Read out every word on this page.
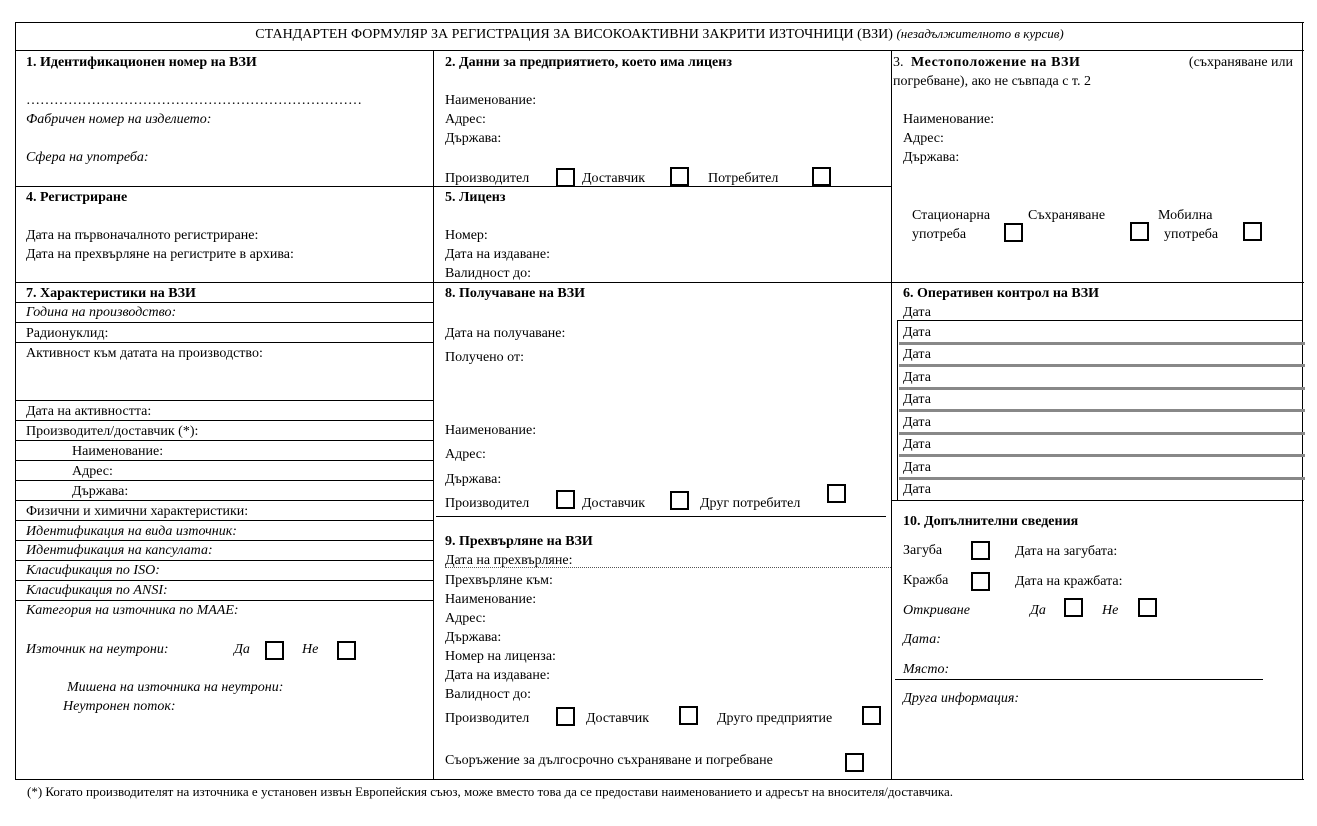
СТАНДАРТЕН ФОРМУЛЯР ЗА РЕГИСТРАЦИЯ ЗА ВИСОКОАКТИВНИ ЗАКРИТИ ИЗТОЧНИЦИ (ВЗИ) (незадължителното в курсив)
1. Идентификационен номер на ВЗИ
………………………………………………………………
Фабричен номер на изделието:
Сфера на употреба:
2. Данни за предприятието, което има лиценз
Наименование:
Адрес:
Държава:
Производител	Доставчик	Потребител
3. Местоположение на ВЗИ	(съхраняване или
погребване), ако не съвпада с т. 2
Наименование:
Адрес:
Държава:
Стационарна
употреба
Съхраняване	Мобилна
употреба
4. Регистриране
Дата на първоначалното регистриране:
Дата на прехвърляне на регистрите в архива:
5. Лиценз
Номер:
Дата на издаване:
Валидност до:
7. Характеристики на ВЗИ
Година на производство:
Радионуклид:
Активност към датата на производство:
Дата на активността:
Производител/доставчик (*):
Наименование:
Адрес:
Държава:
Физични и химични характеристики:
Идентификация на вида източник:
Идентификация на капсулата:
Класификация по ISO:
Класификация по ANSI:
Категория на източника по МААЕ:
Източник на неутрони:	Да	Не
Мишена на източника на неутрони:
Неутронен поток:
8. Получаване на ВЗИ
Дата на получаване:
Получено от:
Наименование:
Адрес:
Държава:
Производител	Доставчик	Друг потребител
9. Прехвърляне на ВЗИ
Дата на прехвърляне:
Прехвърляне към:
Наименование:
Адрес:
Държава:
Номер на лиценза:
Дата на издаване:
Валидност до:
Производител	Доставчик	Друго предприятие
Съоръжение за дългосрочно съхраняване и погребване
6. Оперативен контрол на ВЗИ
Дата
Дата
Дата
Дата
Дата
Дата
Дата
Дата
Дата
10. Допълнителни сведения
Загуба	Дата на загубата:
Кражба	Дата на кражбата:
Откриване	Да	Не
Дата:
Място:
Друга информация:
(*) Когато производителят на източника е установен извън Европейския съюз, може вместо това да се предостави наименованието и адресът на вносителя/доставчика.
